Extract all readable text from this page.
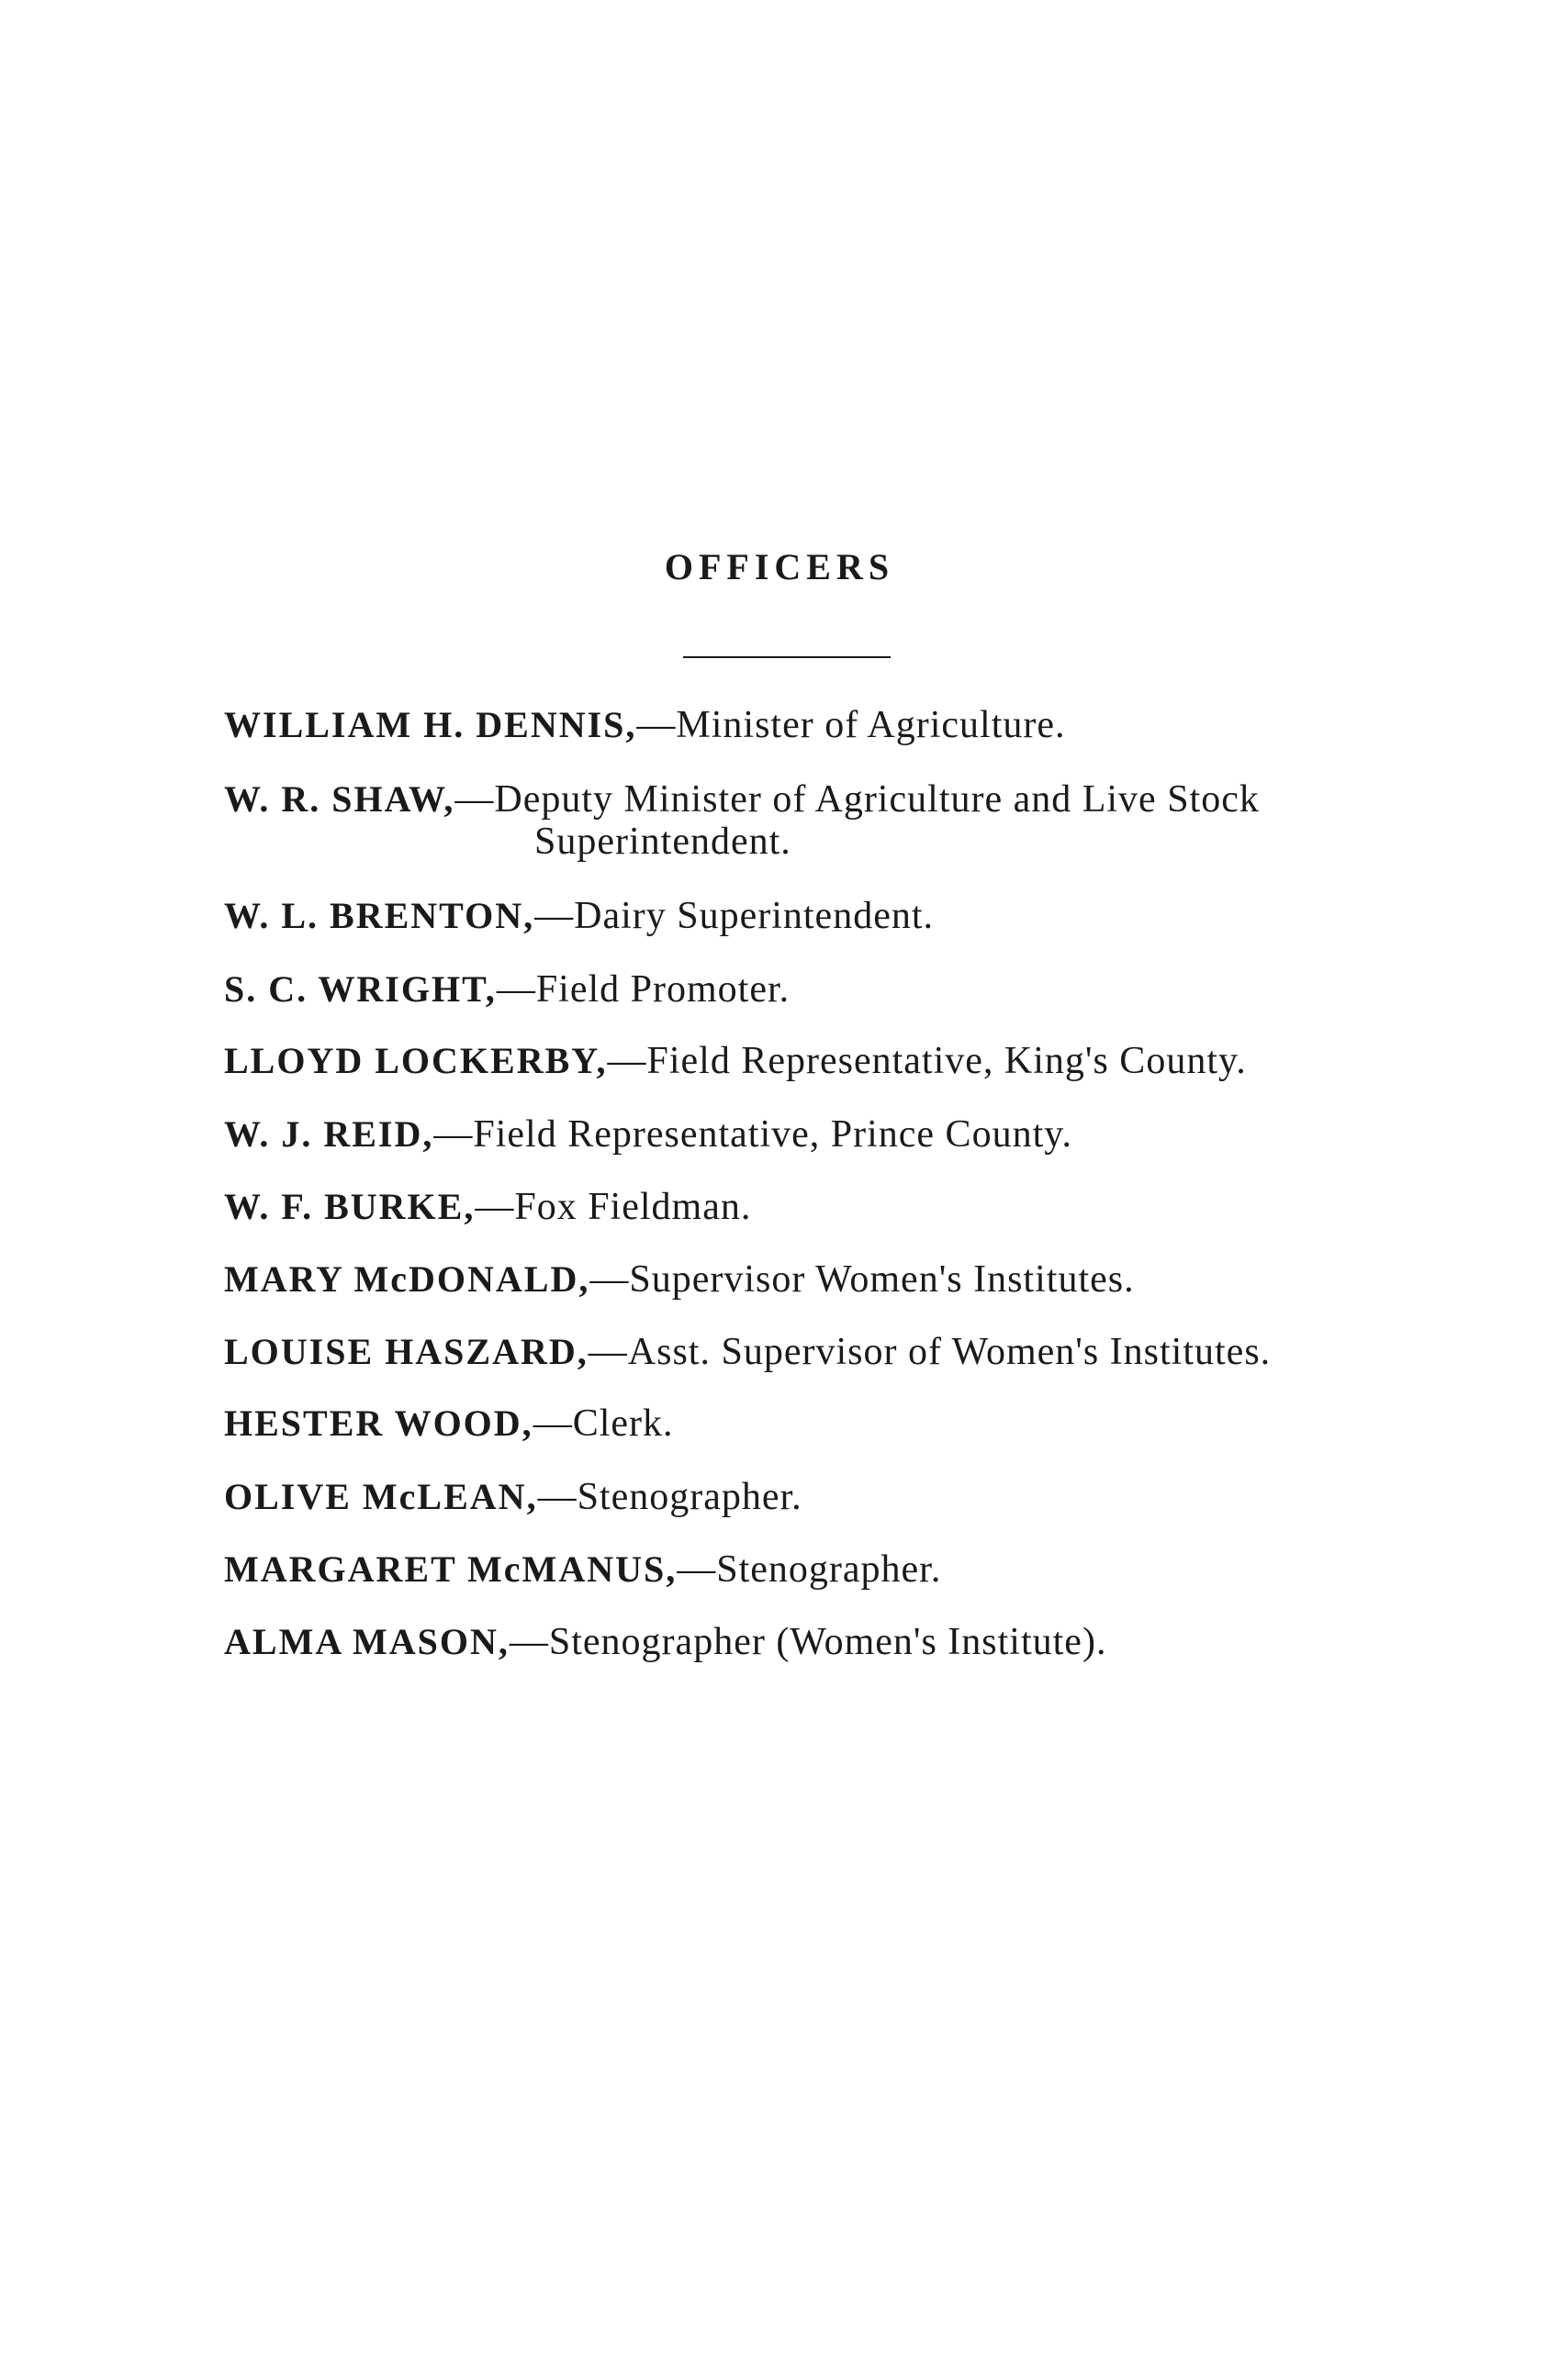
OFFICERS
WILLIAM H. DENNIS,—Minister of Agriculture.
W. R. SHAW,—Deputy Minister of Agriculture and Live Stock
Superintendent.
W. L. BRENTON,—Dairy Superintendent.
S. C. WRIGHT,—Field Promoter.
LLOYD LOCKERBY,—Field Representative, King's County.
W. J. REID,—Field Representative, Prince County.
W. F. BURKE,—Fox Fieldman.
MARY McDONALD,—Supervisor Women's Institutes.
LOUISE HASZARD,—Asst. Supervisor of Women's Institutes.
HESTER WOOD,—Clerk.
OLIVE McLEAN,—Stenographer.
MARGARET McMANUS,—Stenographer.
ALMA MASON,—Stenographer (Women's Institute).
